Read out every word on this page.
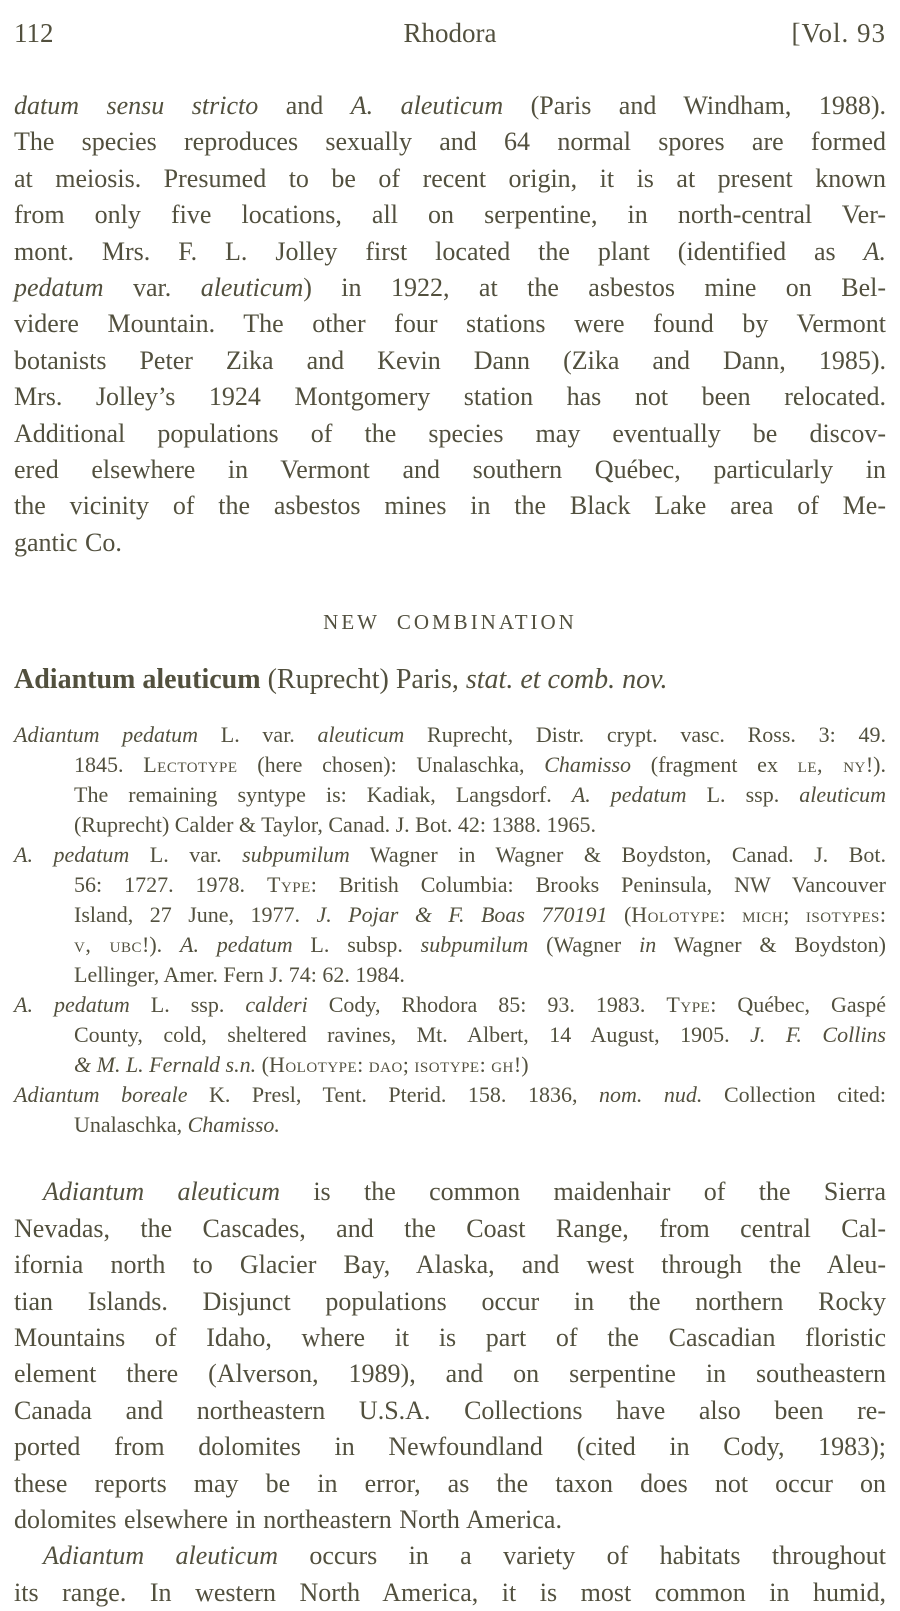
112	Rhodora	[Vol. 93
datum sensu stricto and A. aleuticum (Paris and Windham, 1988).
The species reproduces sexually and 64 normal spores are formed
at meiosis. Presumed to be of recent origin, it is at present known
from only five locations, all on serpentine, in north-central Ver-
mont. Mrs. F. L. Jolley first located the plant (identified as A.
pedatum var. aleuticum) in 1922, at the asbestos mine on Bel-
videre Mountain. The other four stations were found by Vermont
botanists Peter Zika and Kevin Dann (Zika and Dann, 1985).
Mrs. Jolley’s 1924 Montgomery station has not been relocated.
Additional populations of the species may eventually be discov-
ered elsewhere in Vermont and southern Québec, particularly in
the vicinity of the asbestos mines in the Black Lake area of Me-
gantic Co.
NEW COMBINATION
Adiantum aleuticum (Ruprecht) Paris, stat. et comb. nov.
Adiantum pedatum L. var. aleuticum Ruprecht, Distr. crypt. vasc. Ross. 3: 49.
1845. Lectotype (here chosen): Unalaschka, Chamisso (fragment ex le, ny!).
The remaining syntype is: Kadiak, Langsdorf. A. pedatum L. ssp. aleuticum
(Ruprecht) Calder & Taylor, Canad. J. Bot. 42: 1388. 1965.
A. pedatum L. var. subpumilum Wagner in Wagner & Boydston, Canad. J. Bot.
56: 1727. 1978. Type: British Columbia: Brooks Peninsula, NW Vancouver
Island, 27 June, 1977. J. Pojar & F. Boas 770191 (Holotype: mich; isotypes:
v, ubc!). A. pedatum L. subsp. subpumilum (Wagner in Wagner & Boydston)
Lellinger, Amer. Fern J. 74: 62. 1984.
A. pedatum L. ssp. calderi Cody, Rhodora 85: 93. 1983. Type: Québec, Gaspé
County, cold, sheltered ravines, Mt. Albert, 14 August, 1905. J. F. Collins
& M. L. Fernald s.n. (Holotype: dao; isotype: gh!)
Adiantum boreale K. Presl, Tent. Pterid. 158. 1836, nom. nud. Collection cited:
Unalaschka, Chamisso.
Adiantum aleuticum is the common maidenhair of the Sierra
Nevadas, the Cascades, and the Coast Range, from central Cal-
ifornia north to Glacier Bay, Alaska, and west through the Aleu-
tian Islands. Disjunct populations occur in the northern Rocky
Mountains of Idaho, where it is part of the Cascadian floristic
element there (Alverson, 1989), and on serpentine in southeastern
Canada and northeastern U.S.A. Collections have also been re-
ported from dolomites in Newfoundland (cited in Cody, 1983);
these reports may be in error, as the taxon does not occur on
dolomites elsewhere in northeastern North America.
Adiantum aleuticum occurs in a variety of habitats throughout
its range. In western North America, it is most common in humid,
